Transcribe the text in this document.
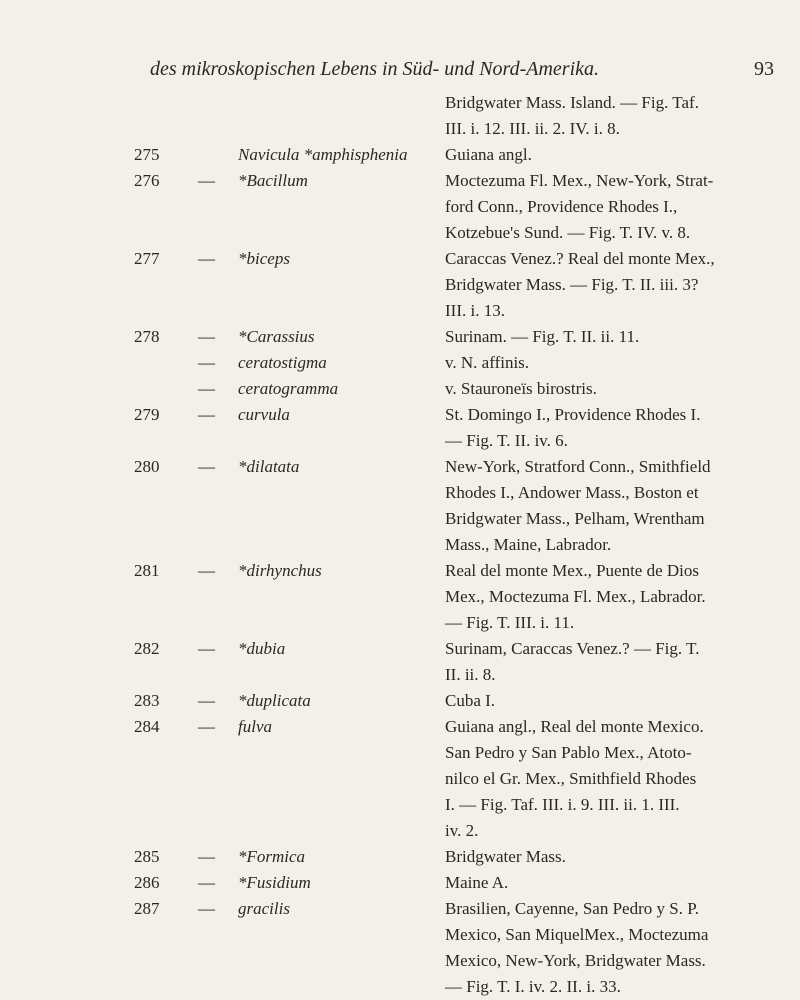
des mikroskopischen Lebens in Süd- und Nord-Amerika.	93
Bridgwater Mass. Island. — Fig. Taf.
III. i. 12. III. ii. 2. IV. i. 8.
275	Navicula *amphisphenia	Guiana angl.
276	—	*Bacillum	Moctezuma Fl. Mex., New-York, Strat-
ford Conn., Providence Rhodes I.,
Kotzebue's Sund. — Fig. T. IV. v. 8.
277	—	*biceps	Caraccas Venez.? Real del monte Mex.,
Bridgwater Mass. — Fig. T. II. iii. 3?
III. i. 13.
278	—	*Carassius	Surinam. — Fig. T. II. ii. 11.
—	ceratostigma	v. N. affinis.
—	ceratogramma	v. Stauroneïs birostris.
279	—	curvula	St. Domingo I., Providence Rhodes I.
— Fig. T. II. iv. 6.
280	—	*dilatata	New-York, Stratford Conn., Smithfield
Rhodes I., Andower Mass., Boston et
Bridgwater Mass., Pelham, Wrentham
Mass., Maine, Labrador.
281	—	*dirhynchus	Real del monte Mex., Puente de Dios
Mex., Moctezuma Fl. Mex., Labrador.
— Fig. T. III. i. 11.
282	—	*dubia	Surinam, Caraccas Venez.? — Fig. T.
II. ii. 8.
283	—	*duplicata	Cuba I.
284	—	fulva	Guiana angl., Real del monte Mexico.
San Pedro y San Pablo Mex., Atoto-
nilco el Gr. Mex., Smithfield Rhodes
I. — Fig. Taf. III. i. 9. III. ii. 1. III.
iv. 2.
285	—	*Formica	Bridgwater Mass.
286	—	*Fusidium	Maine A.
287	—	gracilis	Brasilien, Cayenne, San Pedro y S. P.
Mexico, San MiquelMex., Moctezuma
Mexico, New-York, Bridgwater Mass.
— Fig. T. I. iv. 2. II. i. 33.
